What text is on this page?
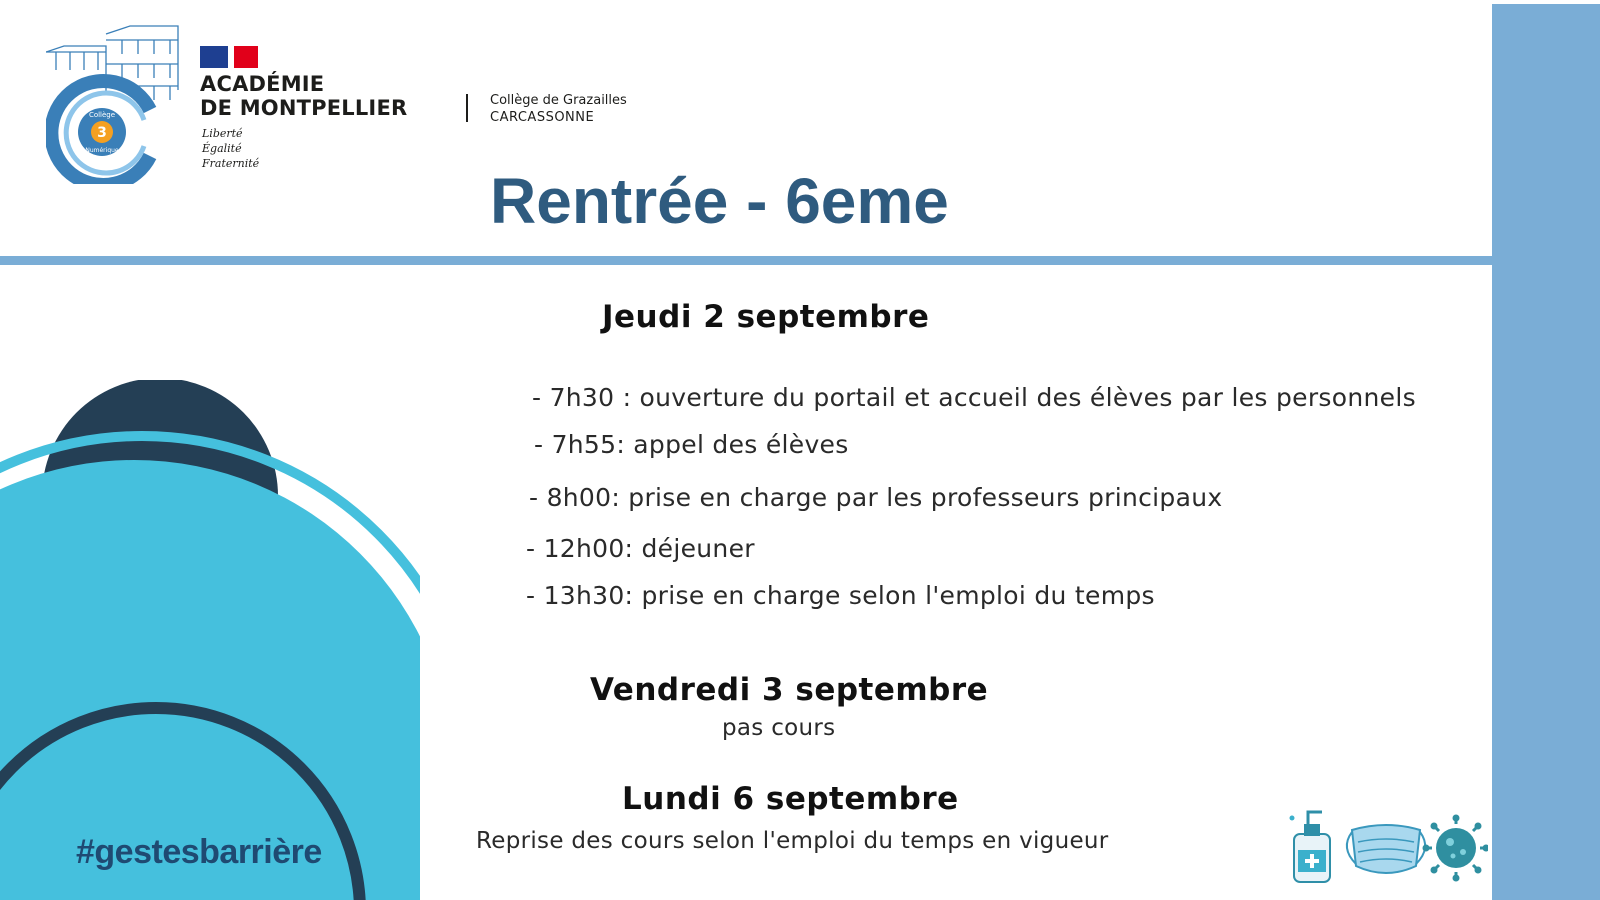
3
Collège
Numérique
ACADÉMIE
DE MONTPELLIER
Liberté
Égalité
Fraternité
Collège de Grazailles
CARCASSONNE
Rentrée - 6eme
Jeudi 2 septembre
- 7h30 : ouverture du portail et accueil des élèves par les personnels
- 7h55: appel des élèves
- 8h00: prise en charge par les professeurs principaux
- 12h00: déjeuner
- 13h30: prise en charge selon l'emploi du temps
Vendredi 3 septembre
pas cours
Lundi 6 septembre
Reprise des cours selon l'emploi du temps en vigueur
#gestesbarrière
